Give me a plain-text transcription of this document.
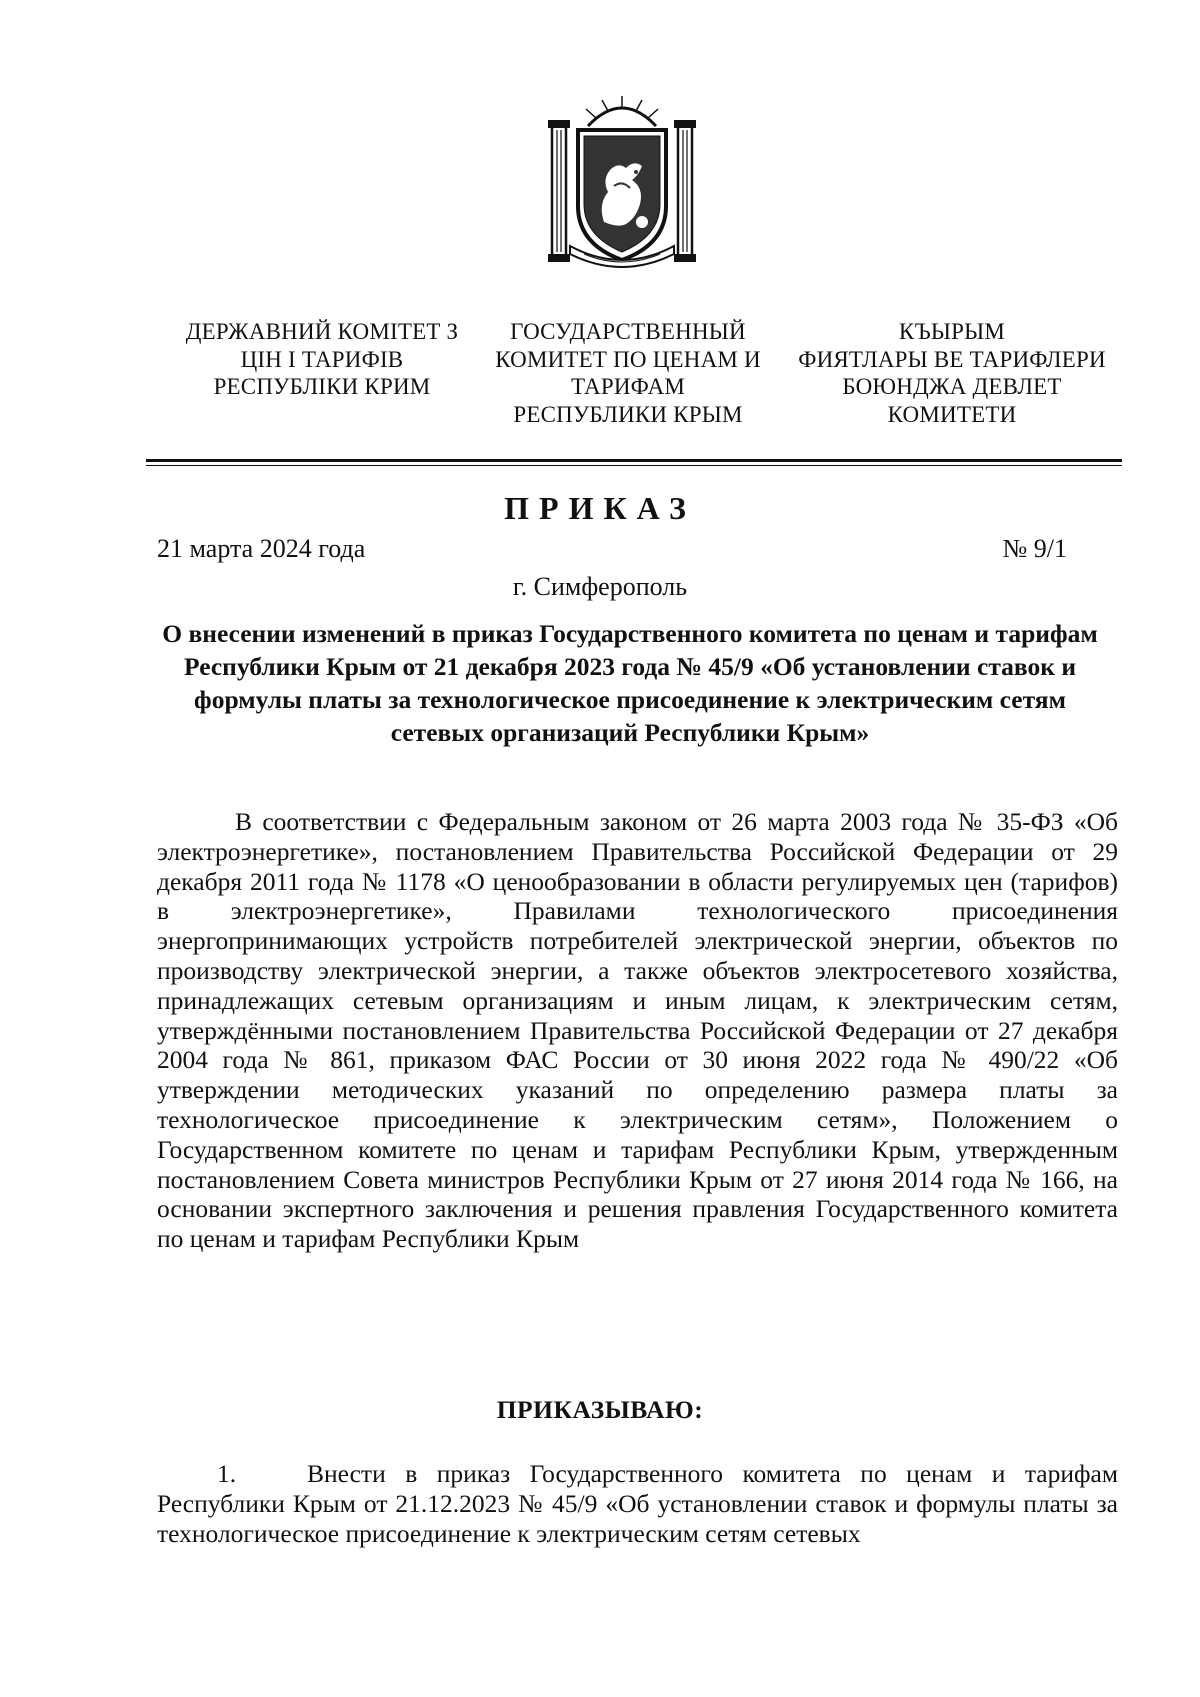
ДЕРЖАВНИЙ КОМІТЕТ З
ЦІН І ТАРИФІВ
РЕСПУБЛІКИ КРИМ
ГОСУДАРСТВЕННЫЙ
КОМИТЕТ ПО ЦЕНАМ И
ТАРИФАМ
РЕСПУБЛИКИ КРЫМ
КЪЫРЫМ
ФИЯТЛАРЫ ВЕ ТАРИФЛЕРИ
БОЮНДЖА ДЕВЛЕТ
КОМИТЕТИ
ПРИКАЗ
21 марта 2024 года	№ 9/1
г. Симферополь
О внесении изменений в приказ Государственного комитета по ценам и тарифам Республики Крым от 21 декабря 2023 года № 45/9 «Об установлении ставок и формулы платы за технологическое присоединение к электрическим сетям сетевых организаций Республики Крым»
В соответствии с Федеральным законом от 26 марта 2003 года № 35-ФЗ «Об электроэнергетике», постановлением Правительства Российской Федерации от 29 декабря 2011 года № 1178 «О ценообразовании в области регулируемых цен (тарифов) в электроэнергетике», Правилами технологического присоединения энергопринимающих устройств потребителей электрической энергии, объектов по производству электрической энергии, а также объектов электросетевого хозяйства, принадлежащих сетевым организациям и иным лицам, к электрическим сетям, утверждёнными постановлением Правительства Российской Федерации от 27 декабря 2004 года № 861, приказом ФАС России от 30 июня 2022 года № 490/22 «Об утверждении методических указаний по определению размера платы за технологическое присоединение к электрическим сетям», Положением о Государственном комитете по ценам и тарифам Республики Крым, утвержденным постановлением Совета министров Республики Крым от 27 июня 2014 года № 166, на основании экспертного заключения и решения правления Государственного комитета по ценам и тарифам Республики Крым
ПРИКАЗЫВАЮ:
1.	Внести в приказ Государственного комитета по ценам и тарифам Республики Крым от 21.12.2023 № 45/9 «Об установлении ставок и формулы платы за технологическое присоединение к электрическим сетям сетевых
